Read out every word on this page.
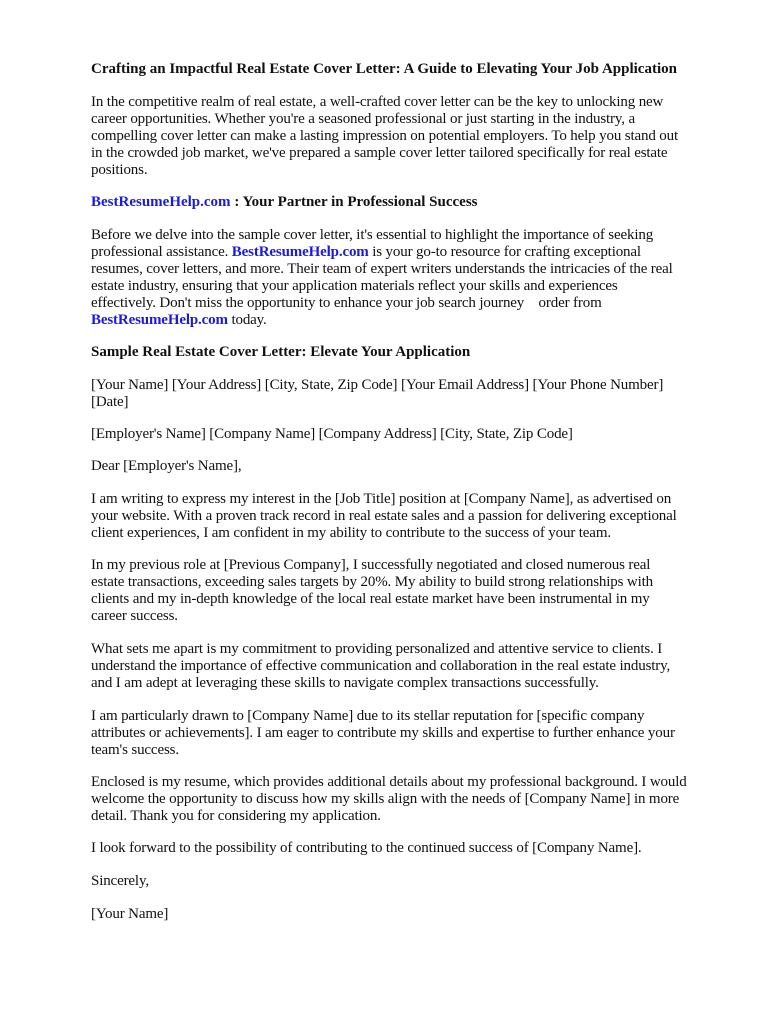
Crafting an Impactful Real Estate Cover Letter: A Guide to Elevating Your Job Application
In the competitive realm of real estate, a well-crafted cover letter can be the key to unlocking new
career opportunities. Whether you're a seasoned professional or just starting in the industry, a
compelling cover letter can make a lasting impression on potential employers. To help you stand out
in the crowded job market, we've prepared a sample cover letter tailored specifically for real estate
positions.
BestResumeHelp.com : Your Partner in Professional Success
Before we delve into the sample cover letter, it's essential to highlight the importance of seeking
professional assistance. BestResumeHelp.com is your go-to resource for crafting exceptional
resumes, cover letters, and more. Their team of expert writers understands the intricacies of the real
estate industry, ensuring that your application materials reflect your skills and experiences
effectively. Don't miss the opportunity to enhance your job search journey    order from
BestResumeHelp.com today.
Sample Real Estate Cover Letter: Elevate Your Application
[Your Name] [Your Address] [City, State, Zip Code] [Your Email Address] [Your Phone Number]
[Date]
[Employer's Name] [Company Name] [Company Address] [City, State, Zip Code]
Dear [Employer's Name],
I am writing to express my interest in the [Job Title] position at [Company Name], as advertised on
your website. With a proven track record in real estate sales and a passion for delivering exceptional
client experiences, I am confident in my ability to contribute to the success of your team.
In my previous role at [Previous Company], I successfully negotiated and closed numerous real
estate transactions, exceeding sales targets by 20%. My ability to build strong relationships with
clients and my in-depth knowledge of the local real estate market have been instrumental in my
career success.
What sets me apart is my commitment to providing personalized and attentive service to clients. I
understand the importance of effective communication and collaboration in the real estate industry,
and I am adept at leveraging these skills to navigate complex transactions successfully.
I am particularly drawn to [Company Name] due to its stellar reputation for [specific company
attributes or achievements]. I am eager to contribute my skills and expertise to further enhance your
team's success.
Enclosed is my resume, which provides additional details about my professional background. I would
welcome the opportunity to discuss how my skills align with the needs of [Company Name] in more
detail. Thank you for considering my application.
I look forward to the possibility of contributing to the continued success of [Company Name].
Sincerely,
[Your Name]
